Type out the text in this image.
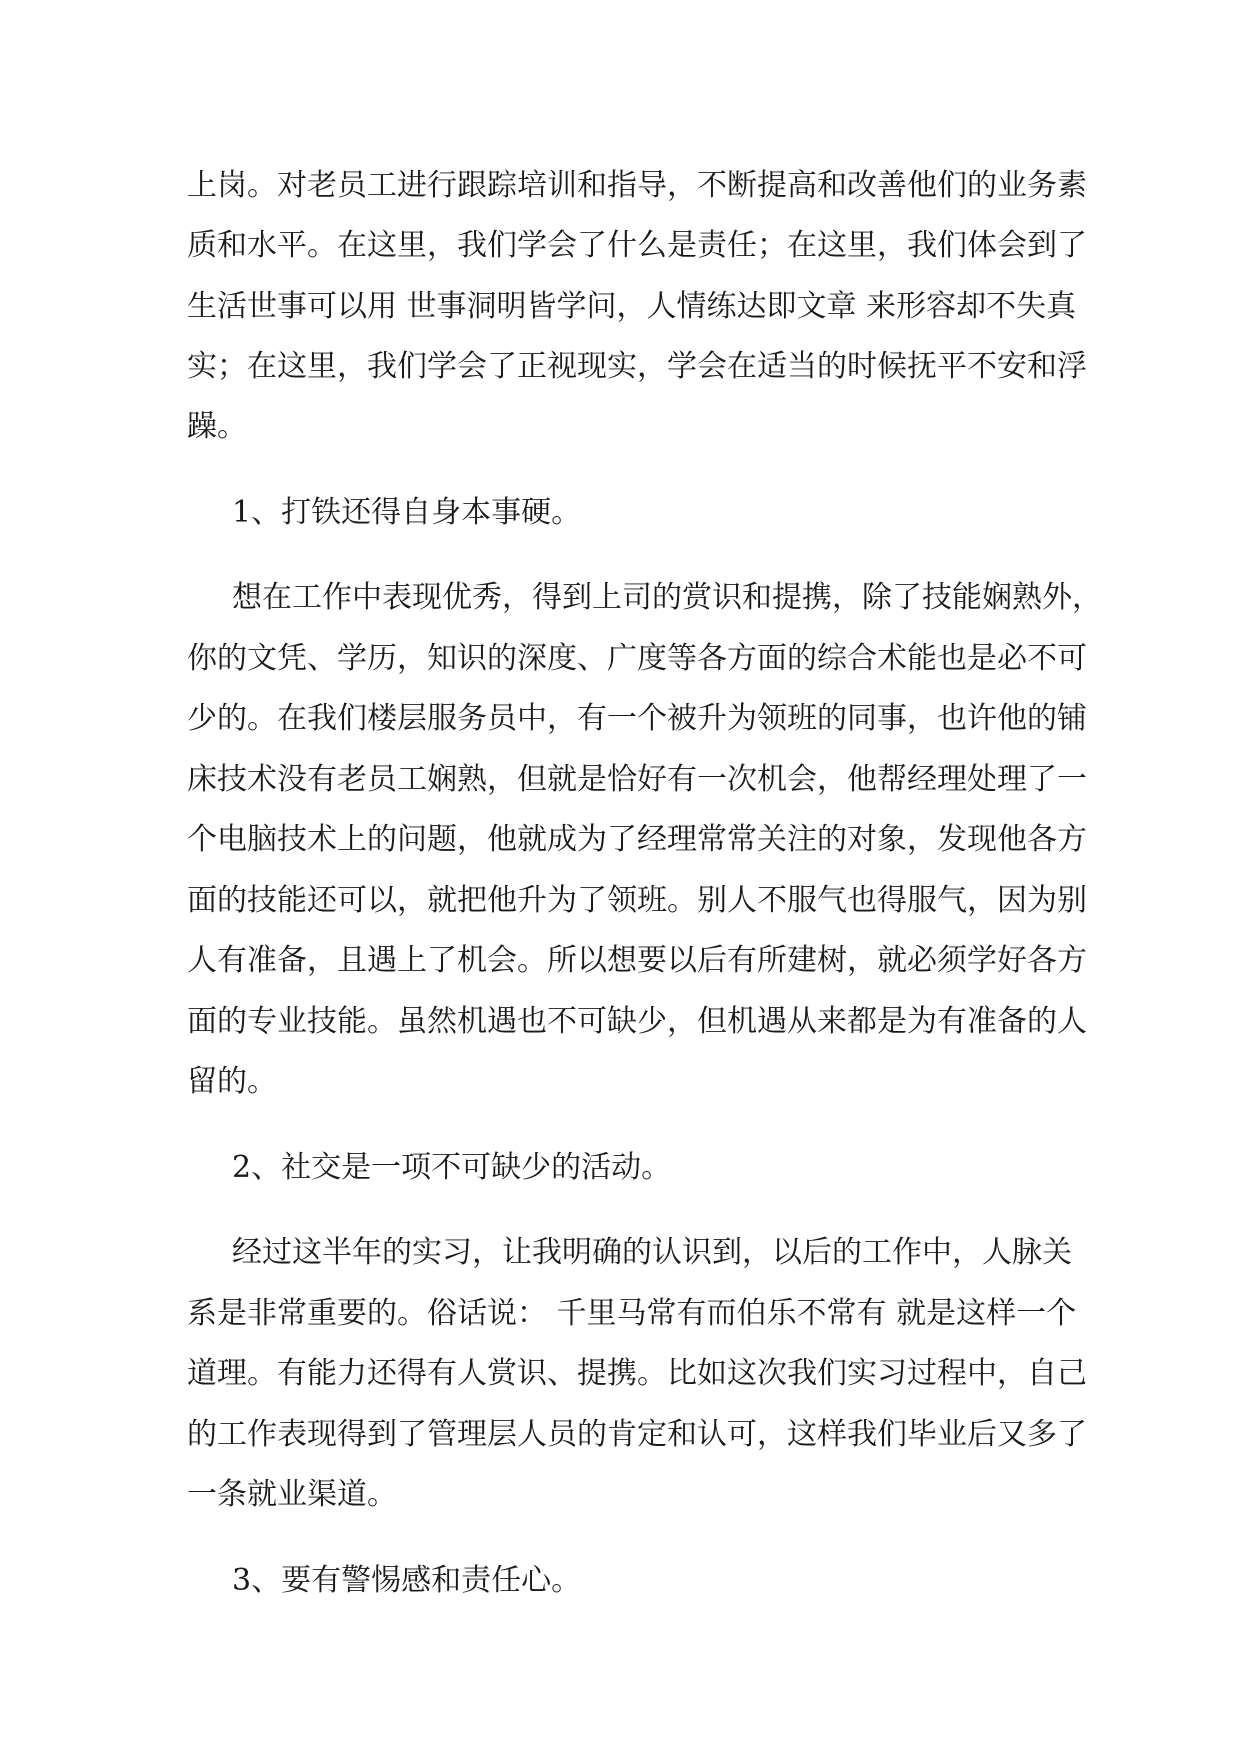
上岗。对老员工进行跟踪培训和指导，不断提高和改善他们的业务素
质和水平。在这里，我们学会了什么是责任；在这里，我们体会到了
生活世事可以用 世事洞明皆学问，人情练达即文章 来形容却不失真
实；在这里，我们学会了正视现实，学会在适当的时候抚平不安和浮
躁。
1、打铁还得自身本事硬。
想在工作中表现优秀，得到上司的赏识和提携，除了技能娴熟外，
你的文凭、学历，知识的深度、广度等各方面的综合术能也是必不可
少的。在我们楼层服务员中，有一个被升为领班的同事，也许他的铺
床技术没有老员工娴熟，但就是恰好有一次机会，他帮经理处理了一
个电脑技术上的问题，他就成为了经理常常关注的对象，发现他各方
面的技能还可以，就把他升为了领班。别人不服气也得服气，因为别
人有准备，且遇上了机会。所以想要以后有所建树，就必须学好各方
面的专业技能。虽然机遇也不可缺少，但机遇从来都是为有准备的人
留的。
2、社交是一项不可缺少的活动。
经过这半年的实习，让我明确的认识到，以后的工作中，人脉关
系是非常重要的。俗话说： 千里马常有而伯乐不常有 就是这样一个
道理。有能力还得有人赏识、提携。比如这次我们实习过程中，自己
的工作表现得到了管理层人员的肯定和认可，这样我们毕业后又多了
一条就业渠道。
3、要有警惕感和责任心。
